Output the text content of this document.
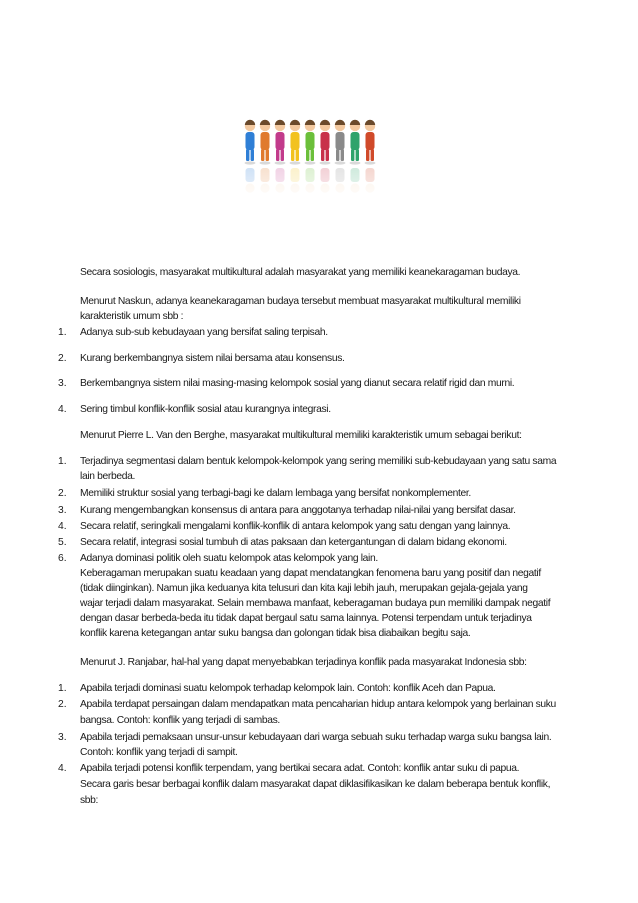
Secara sosiologis, masyarakat multikultural adalah masyarakat yang memiliki keanekaragaman budaya.
Menurut Naskun, adanya keanekaragaman budaya tersebut membuat masyarakat multikultural memiliki
karakteristik umum sbb :
1. Adanya sub-sub kebudayaan yang bersifat saling terpisah.
2. Kurang berkembangnya sistem nilai bersama atau konsensus.
3. Berkembangnya sistem nilai masing-masing kelompok sosial yang dianut secara relatif rigid dan murni.
4. Sering timbul konflik-konflik sosial atau kurangnya integrasi.
Menurut Pierre L. Van den Berghe, masyarakat multikultural memiliki karakteristik umum sebagai berikut:
1. Terjadinya segmentasi dalam bentuk kelompok-kelompok yang sering memiliki sub-kebudayaan yang satu sama
lain berbeda.
2. Memiliki struktur sosial yang terbagi-bagi ke dalam lembaga yang bersifat nonkomplementer.
3. Kurang mengembangkan konsensus di antara para anggotanya terhadap nilai-nilai yang bersifat dasar.
4. Secara relatif, seringkali mengalami konflik-konflik di antara kelompok yang satu dengan yang lainnya.
5. Secara relatif, integrasi sosial tumbuh di atas paksaan dan ketergantungan di dalam bidang ekonomi.
6. Adanya dominasi politik oleh suatu kelompok atas kelompok yang lain.
Keberagaman merupakan suatu keadaan yang dapat mendatangkan fenomena baru yang positif dan negatif
(tidak diinginkan). Namun jika keduanya kita telusuri dan kita kaji lebih jauh, merupakan gejala-gejala yang
wajar terjadi dalam masyarakat. Selain membawa manfaat, keberagaman budaya pun memiliki dampak negatif
dengan dasar berbeda-beda itu tidak dapat bergaul satu sama lainnya. Potensi terpendam untuk terjadinya
konflik karena ketegangan antar suku bangsa dan golongan tidak bisa diabaikan begitu saja.
Menurut J. Ranjabar, hal-hal yang dapat menyebabkan terjadinya konflik pada masyarakat Indonesia sbb:
1. Apabila terjadi dominasi suatu kelompok terhadap kelompok lain. Contoh: konflik Aceh dan Papua.
2. Apabila terdapat persaingan dalam mendapatkan mata pencaharian hidup antara kelompok yang berlainan suku
bangsa. Contoh: konflik yang terjadi di sambas.
3. Apabila terjadi pemaksaan unsur-unsur kebudayaan dari warga sebuah suku terhadap warga suku bangsa lain.
Contoh: konflik yang terjadi di sampit.
4. Apabila terjadi potensi konflik terpendam, yang bertikai secara adat. Contoh: konflik antar suku di papua.
Secara garis besar berbagai konflik dalam masyarakat dapat diklasifikasikan ke dalam beberapa bentuk konflik,
sbb:
